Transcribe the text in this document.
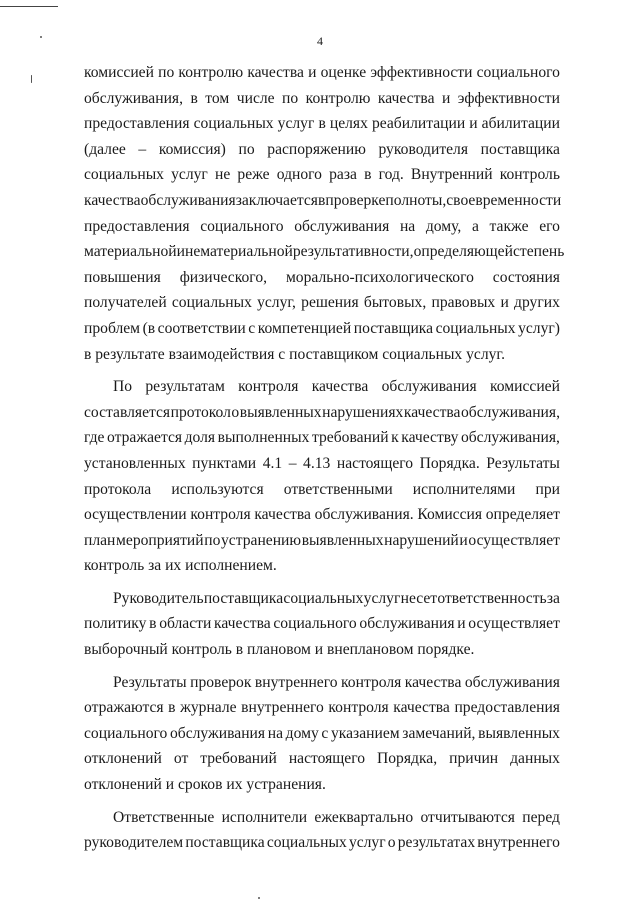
4

комиссией по контролю качества и оценке эффективности социального
обслуживания, в том числе по контролю качества и эффективности
предоставления социальных услуг в целях реабилитации и абилитации
(далее – комиссия) по распоряжению руководителя поставщика
социальных услуг не реже одного раза в год. Внутренний контроль
качества обслуживания заключается в проверке полноты, своевременности
предоставления социального обслуживания на дому, а также его
материальной и нематериальной результативности, определяющей степень
повышения физического, морально-психологического состояния
получателей социальных услуг, решения бытовых, правовых и других
проблем (в соответствии с компетенцией поставщика социальных услуг)
в результате взаимодействия с поставщиком социальных услуг.

По результатам контроля качества обслуживания комиссией
составляется протокол о выявленных нарушениях качества обслуживания,
где отражается доля выполненных требований к качеству обслуживания,
установленных пунктами 4.1 – 4.13 настоящего Порядка. Результаты
протокола используются ответственными исполнителями при
осуществлении контроля качества обслуживания. Комиссия определяет
план мероприятий по устранению выявленных нарушений и осуществляет
контроль за их исполнением.

Руководитель поставщика социальных услуг несет ответственность за
политику в области качества социального обслуживания и осуществляет
выборочный контроль в плановом и внеплановом порядке.

Результаты проверок внутреннего контроля качества обслуживания
отражаются в журнале внутреннего контроля качества предоставления
социального обслуживания на дому с указанием замечаний, выявленных
отклонений от требований настоящего Порядка, причин данных
отклонений и сроков их устранения.

Ответственные исполнители ежеквартально отчитываются перед
руководителем поставщика социальных услуг о результатах внутреннего
